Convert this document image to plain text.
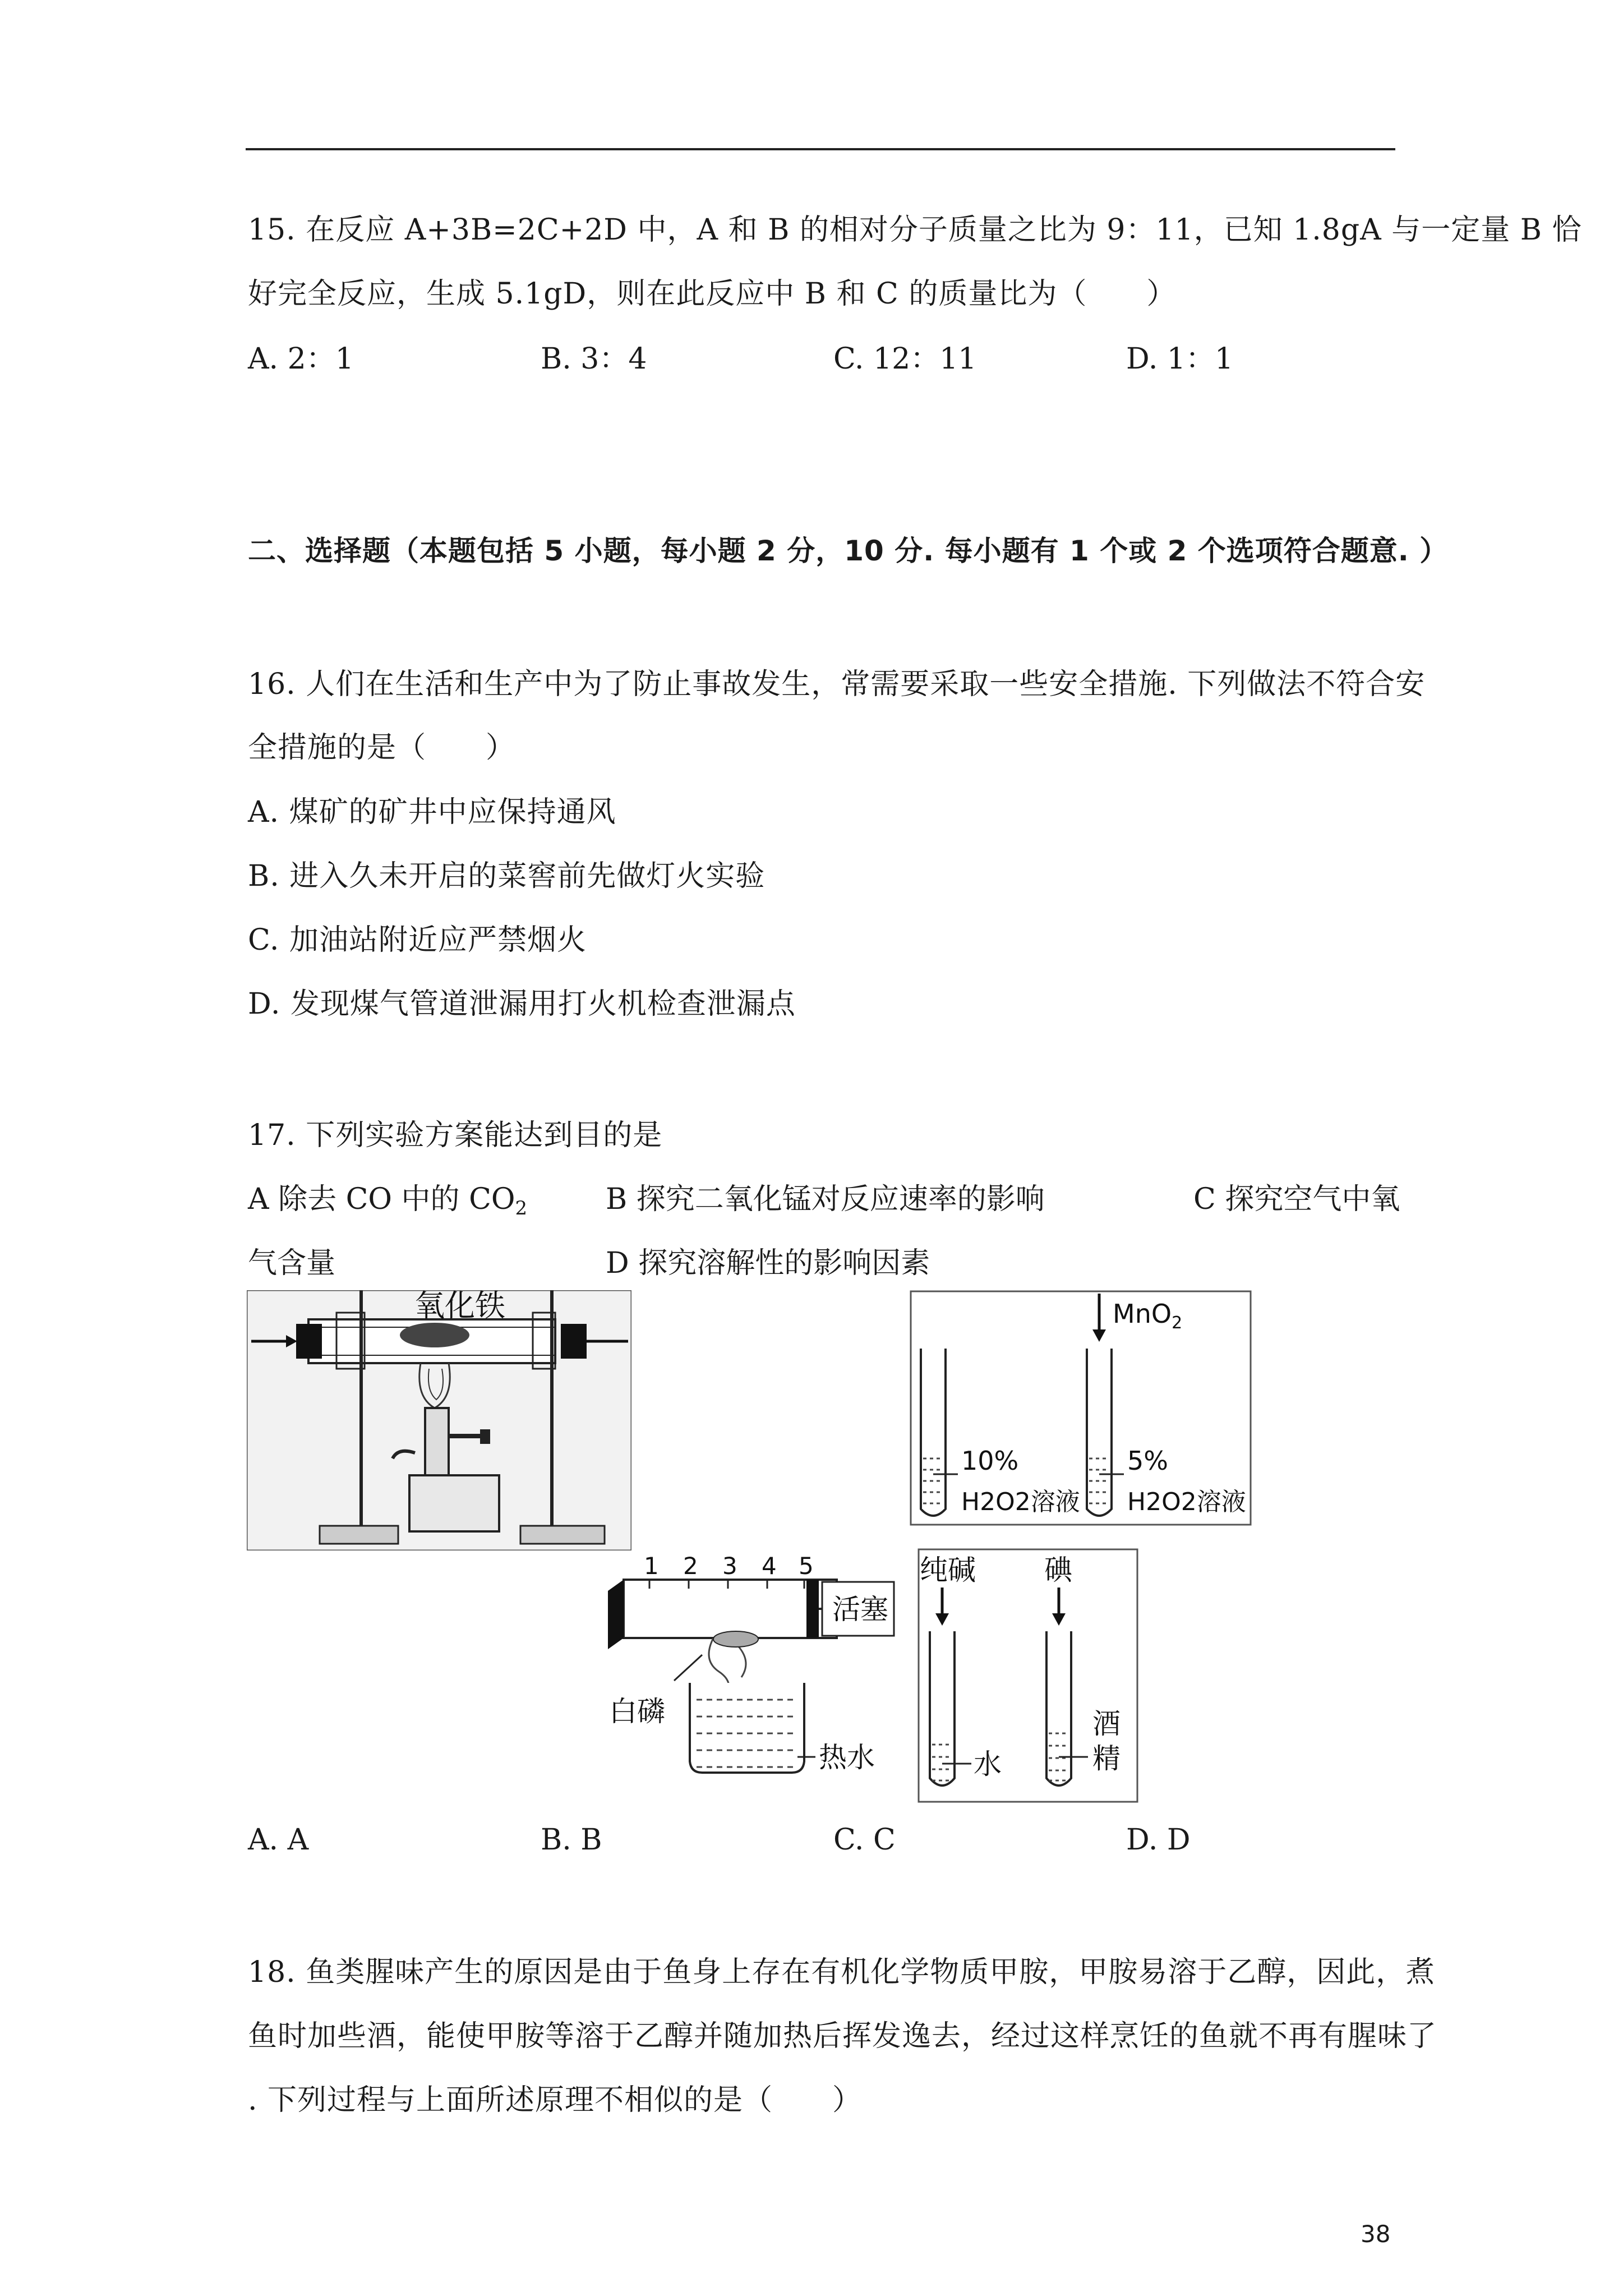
15. 在反应 A+3B=2C+2D 中，A 和 B 的相对分子质量之比为 9：11，已知 1.8gA 与一定量 B 恰
好完全反应，生成 5.1gD，则在此反应中 B 和 C 的质量比为（　　）
A. 2：1	B. 3：4	C. 12：11	D. 1：1
二、选择题（本题包括 5 小题，每小题 2 分，10 分. 每小题有 1 个或 2 个选项符合题意. ）
16. 人们在生活和生产中为了防止事故发生，常需要采取一些安全措施. 下列做法不符合安
全措施的是（　　）
A. 煤矿的矿井中应保持通风
B. 进入久未开启的菜窖前先做灯火实验
C. 加油站附近应严禁烟火
D. 发现煤气管道泄漏用打火机检查泄漏点
17. 下列实验方案能达到目的是
A 除去 CO 中的 $CO_2$	B 探究二氧化锰对反应速率的影响	C 探究空气中氧
气含量	D 探究溶解性的影响因素
氧化铁
10%
H2O2溶液
5%
H2O2溶液
MnO$_2$
活塞
1 2 3 4 5
白磷
热水	水
纯碱
酒
精
碘
A. A	B. B	C. C	D. D
18. 鱼类腥味产生的原因是由于鱼身上存在有机化学物质甲胺，甲胺易溶于乙醇，因此，煮
鱼时加些酒，能使甲胺等溶于乙醇并随加热后挥发逸去，经过这样烹饪的鱼就不再有腥味了
. 下列过程与上面所述原理不相似的是（　　）
38
